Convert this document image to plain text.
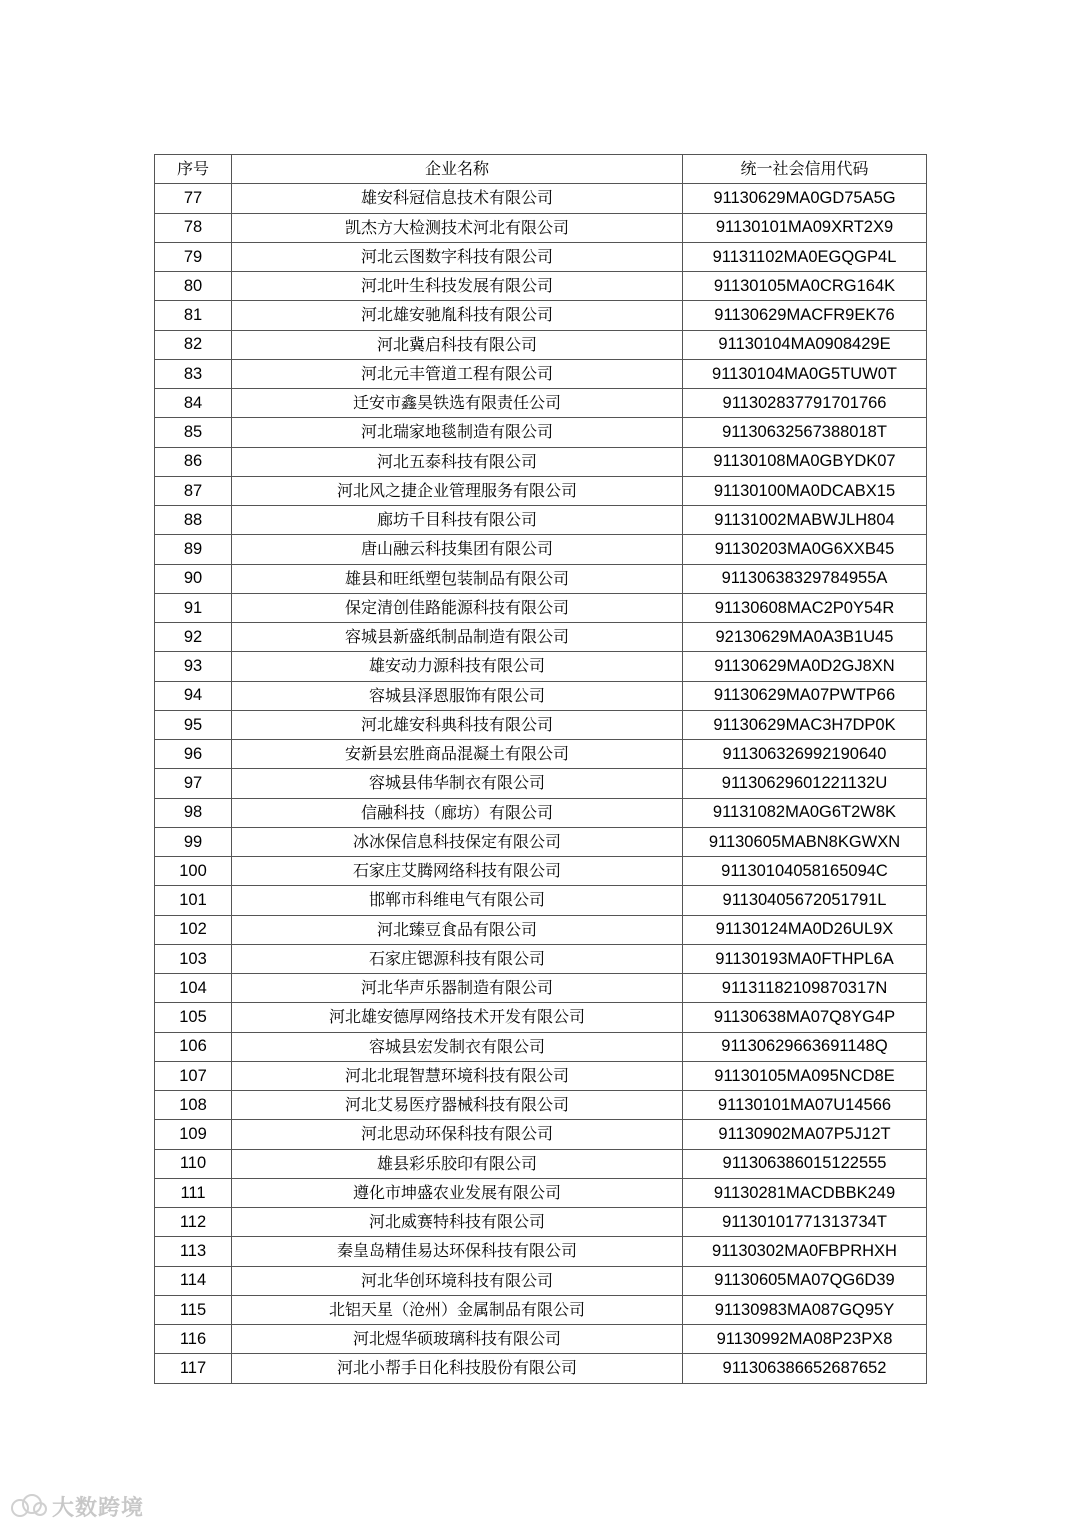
序号	企业名称	统一社会信用代码
77	雄安科冠信息技术有限公司	91130629MA0GD75A5G
78	凯杰方大检测技术河北有限公司	91130101MA09XRT2X9
79	河北云图数字科技有限公司	91131102MA0EGQGP4L
80	河北叶生科技发展有限公司	91130105MA0CRG164K
81	河北雄安驰胤科技有限公司	91130629MACFR9EK76
82	河北冀启科技有限公司	91130104MA0908429E
83	河北元丰管道工程有限公司	91130104MA0G5TUW0T
84	迁安市鑫昊铁选有限责任公司	911302837791701766
85	河北瑞家地毯制造有限公司	91130632567388018T
86	河北五泰科技有限公司	91130108MA0GBYDK07
87	河北风之捷企业管理服务有限公司	91130100MA0DCABX15
88	廊坊千目科技有限公司	91131002MABWJLH804
89	唐山融云科技集团有限公司	91130203MA0G6XXB45
90	雄县和旺纸塑包装制品有限公司	91130638329784955A
91	保定清创佳路能源科技有限公司	91130608MAC2P0Y54R
92	容城县新盛纸制品制造有限公司	92130629MA0A3B1U45
93	雄安动力源科技有限公司	91130629MA0D2GJ8XN
94	容城县泽恩服饰有限公司	91130629MA07PWTP66
95	河北雄安科典科技有限公司	91130629MAC3H7DP0K
96	安新县宏胜商品混凝土有限公司	911306326992190640
97	容城县伟华制衣有限公司	91130629601221132U
98	信融科技（廊坊）有限公司	91131082MA0G6T2W8K
99	冰冰保信息科技保定有限公司	91130605MABN8KGWXN
100	石家庄艾腾网络科技有限公司	91130104058165094C
101	邯郸市科维电气有限公司	91130405672051791L
102	河北臻豆食品有限公司	91130124MA0D26UL9X
103	石家庄锶源科技有限公司	91130193MA0FTHPL6A
104	河北华声乐器制造有限公司	91131182109870317N
105	河北雄安德厚网络技术开发有限公司	91130638MA07Q8YG4P
106	容城县宏发制衣有限公司	91130629663691148Q
107	河北北琨智慧环境科技有限公司	91130105MA095NCD8E
108	河北艾易医疗器械科技有限公司	91130101MA07U14566
109	河北思动环保科技有限公司	91130902MA07P5J12T
110	雄县彩乐胶印有限公司	911306386015122555
111	遵化市坤盛农业发展有限公司	91130281MACDBBK249
112	河北威赛特科技有限公司	91130101771313734T
113	秦皇岛精佳易达环保科技有限公司	91130302MA0FBPRHXH
114	河北华创环境科技有限公司	91130605MA07QG6D39
115	北铝天星（沧州）金属制品有限公司	91130983MA087GQ95Y
116	河北煜华硕玻璃科技有限公司	91130992MA08P23PX8
117	河北小帮手日化科技股份有限公司	911306386652687652
大数跨境
